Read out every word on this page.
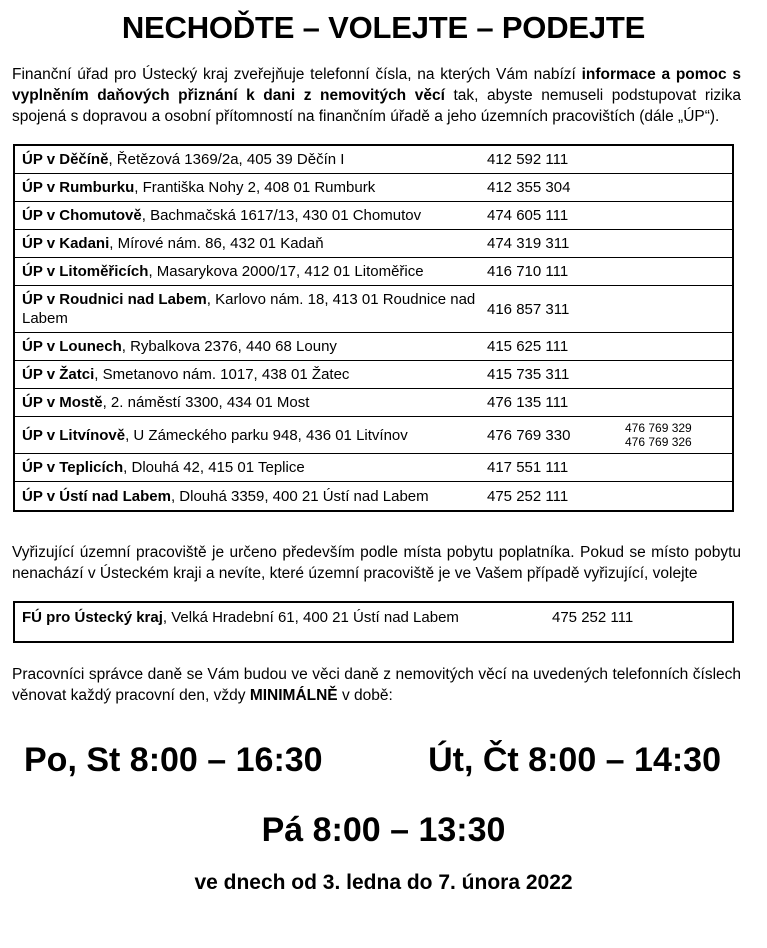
NECHOĎTE – VOLEJTE – PODEJTE

Finanční úřad pro Ústecký kraj zveřejňuje telefonní čísla, na kterých Vám nabízí informace a pomoc s vyplněním daňových přiznání k dani z nemovitých věcí tak, abyste nemuseli podstupovat rizika spojená s dopravou a osobní přítomností na finančním úřadě a jeho územních pracovištích (dále „ÚP“).

ÚP v Děčíně, Řetězová 1369/2a, 405 39 Děčín I	412 592 111
ÚP v Rumburku, Františka Nohy 2, 408 01 Rumburk	412 355 304
ÚP v Chomutově, Bachmačská 1617/13, 430 01 Chomutov	474 605 111
ÚP v Kadani, Mírové nám. 86, 432 01 Kadaň	474 319 311
ÚP v Litoměřicích, Masarykova 2000/17, 412 01 Litoměřice	416 710 111
ÚP v Roudnici nad Labem, Karlovo nám. 18, 413 01 Roudnice nad Labem
416 857 311
ÚP v Lounech, Rybalkova 2376, 440 68 Louny	415 625 111
ÚP v Žatci, Smetanovo nám. 1017, 438 01 Žatec	415 735 311
ÚP v Mostě, 2. náměstí 3300, 434 01 Most	476 135 111
ÚP v Litvínově, U Zámeckého parku 948, 436 01 Litvínov	476 769 330	476 769 329
476 769 326
ÚP v Teplicích, Dlouhá 42, 415 01 Teplice	417 551 111
ÚP v Ústí nad Labem, Dlouhá 3359, 400 21 Ústí nad Labem	475 252 111

Vyřizující územní pracoviště je určeno především podle místa pobytu poplatníka. Pokud se místo pobytu nenachází v Ústeckém kraji a nevíte, které územní pracoviště je ve Vašem případě vyřizující, volejte

FÚ pro Ústecký kraj, Velká Hradební 61, 400 21 Ústí nad Labem	475 252 111

Pracovníci správce daně se Vám budou ve věci daně z nemovitých věcí na uvedených telefonních číslech věnovat každý pracovní den, vždy MINIMÁLNĚ v době:

Po, St 8:00 – 16:30	Út, Čt 8:00 – 14:30
Pá 8:00 – 13:30
ve dnech od 3. ledna do 7. února 2022
